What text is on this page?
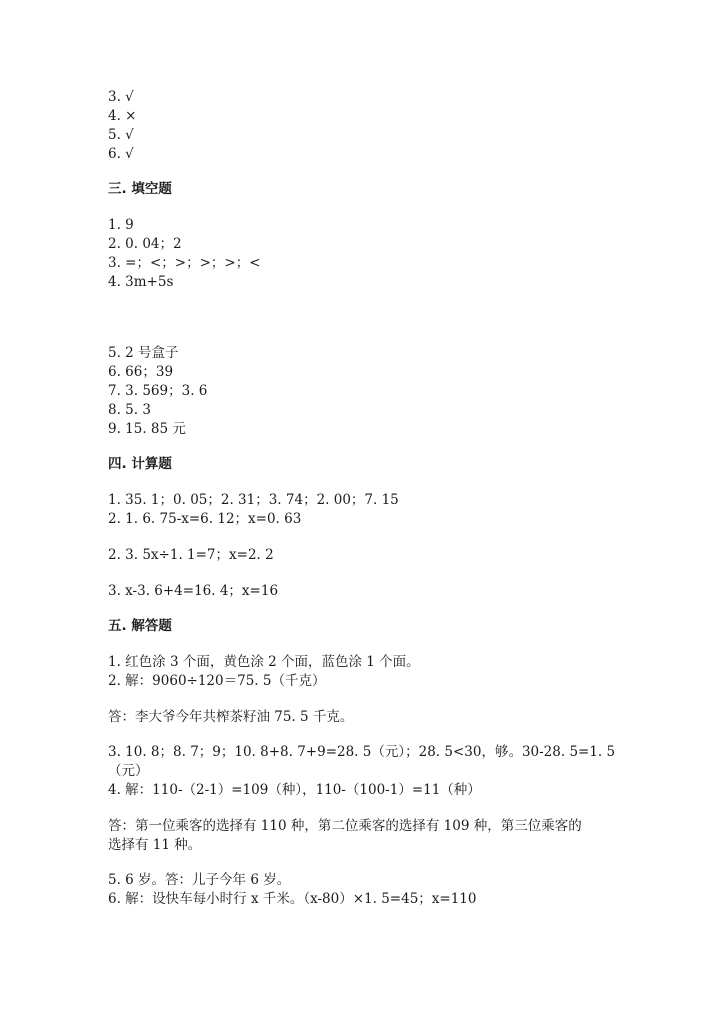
3. √
4. ×
5. √
6. √
三. 填空题
1. 9
2. 0. 04；2
3. =；<；>；>；>；<
4. 3m+5s
5. 2 号盒子
6. 66；39
7. 3. 569；3. 6
8. 5. 3
9. 15. 85 元
四. 计算题
1. 35. 1；0. 05；2. 31；3. 74；2. 00；7. 15
2. 1. 6. 75-x=6. 12；x=0. 63
2. 3. 5x÷1. 1=7；x=2. 2
3. x-3. 6+4=16. 4；x=16
五. 解答题
1. 红色涂 3 个面，黄色涂 2 个面，蓝色涂 1 个面。
2. 解：9060÷120＝75. 5（千克）
答：李大爷今年共榨茶籽油 75. 5 千克。
3. 10. 8；8. 7；9；10. 8+8. 7+9=28. 5（元）；28. 5<30，够。30-28. 5=1. 5
（元）
4. 解：110-（2-1）=109（种），110-（100-1）=11（种）
答：第一位乘客的选择有 110 种，第二位乘客的选择有 109 种，第三位乘客的
选择有 11 种。
5. 6 岁。答：儿子今年 6 岁。
6. 解：设快车每小时行 x 千米。（x-80）×1. 5=45；x=110
